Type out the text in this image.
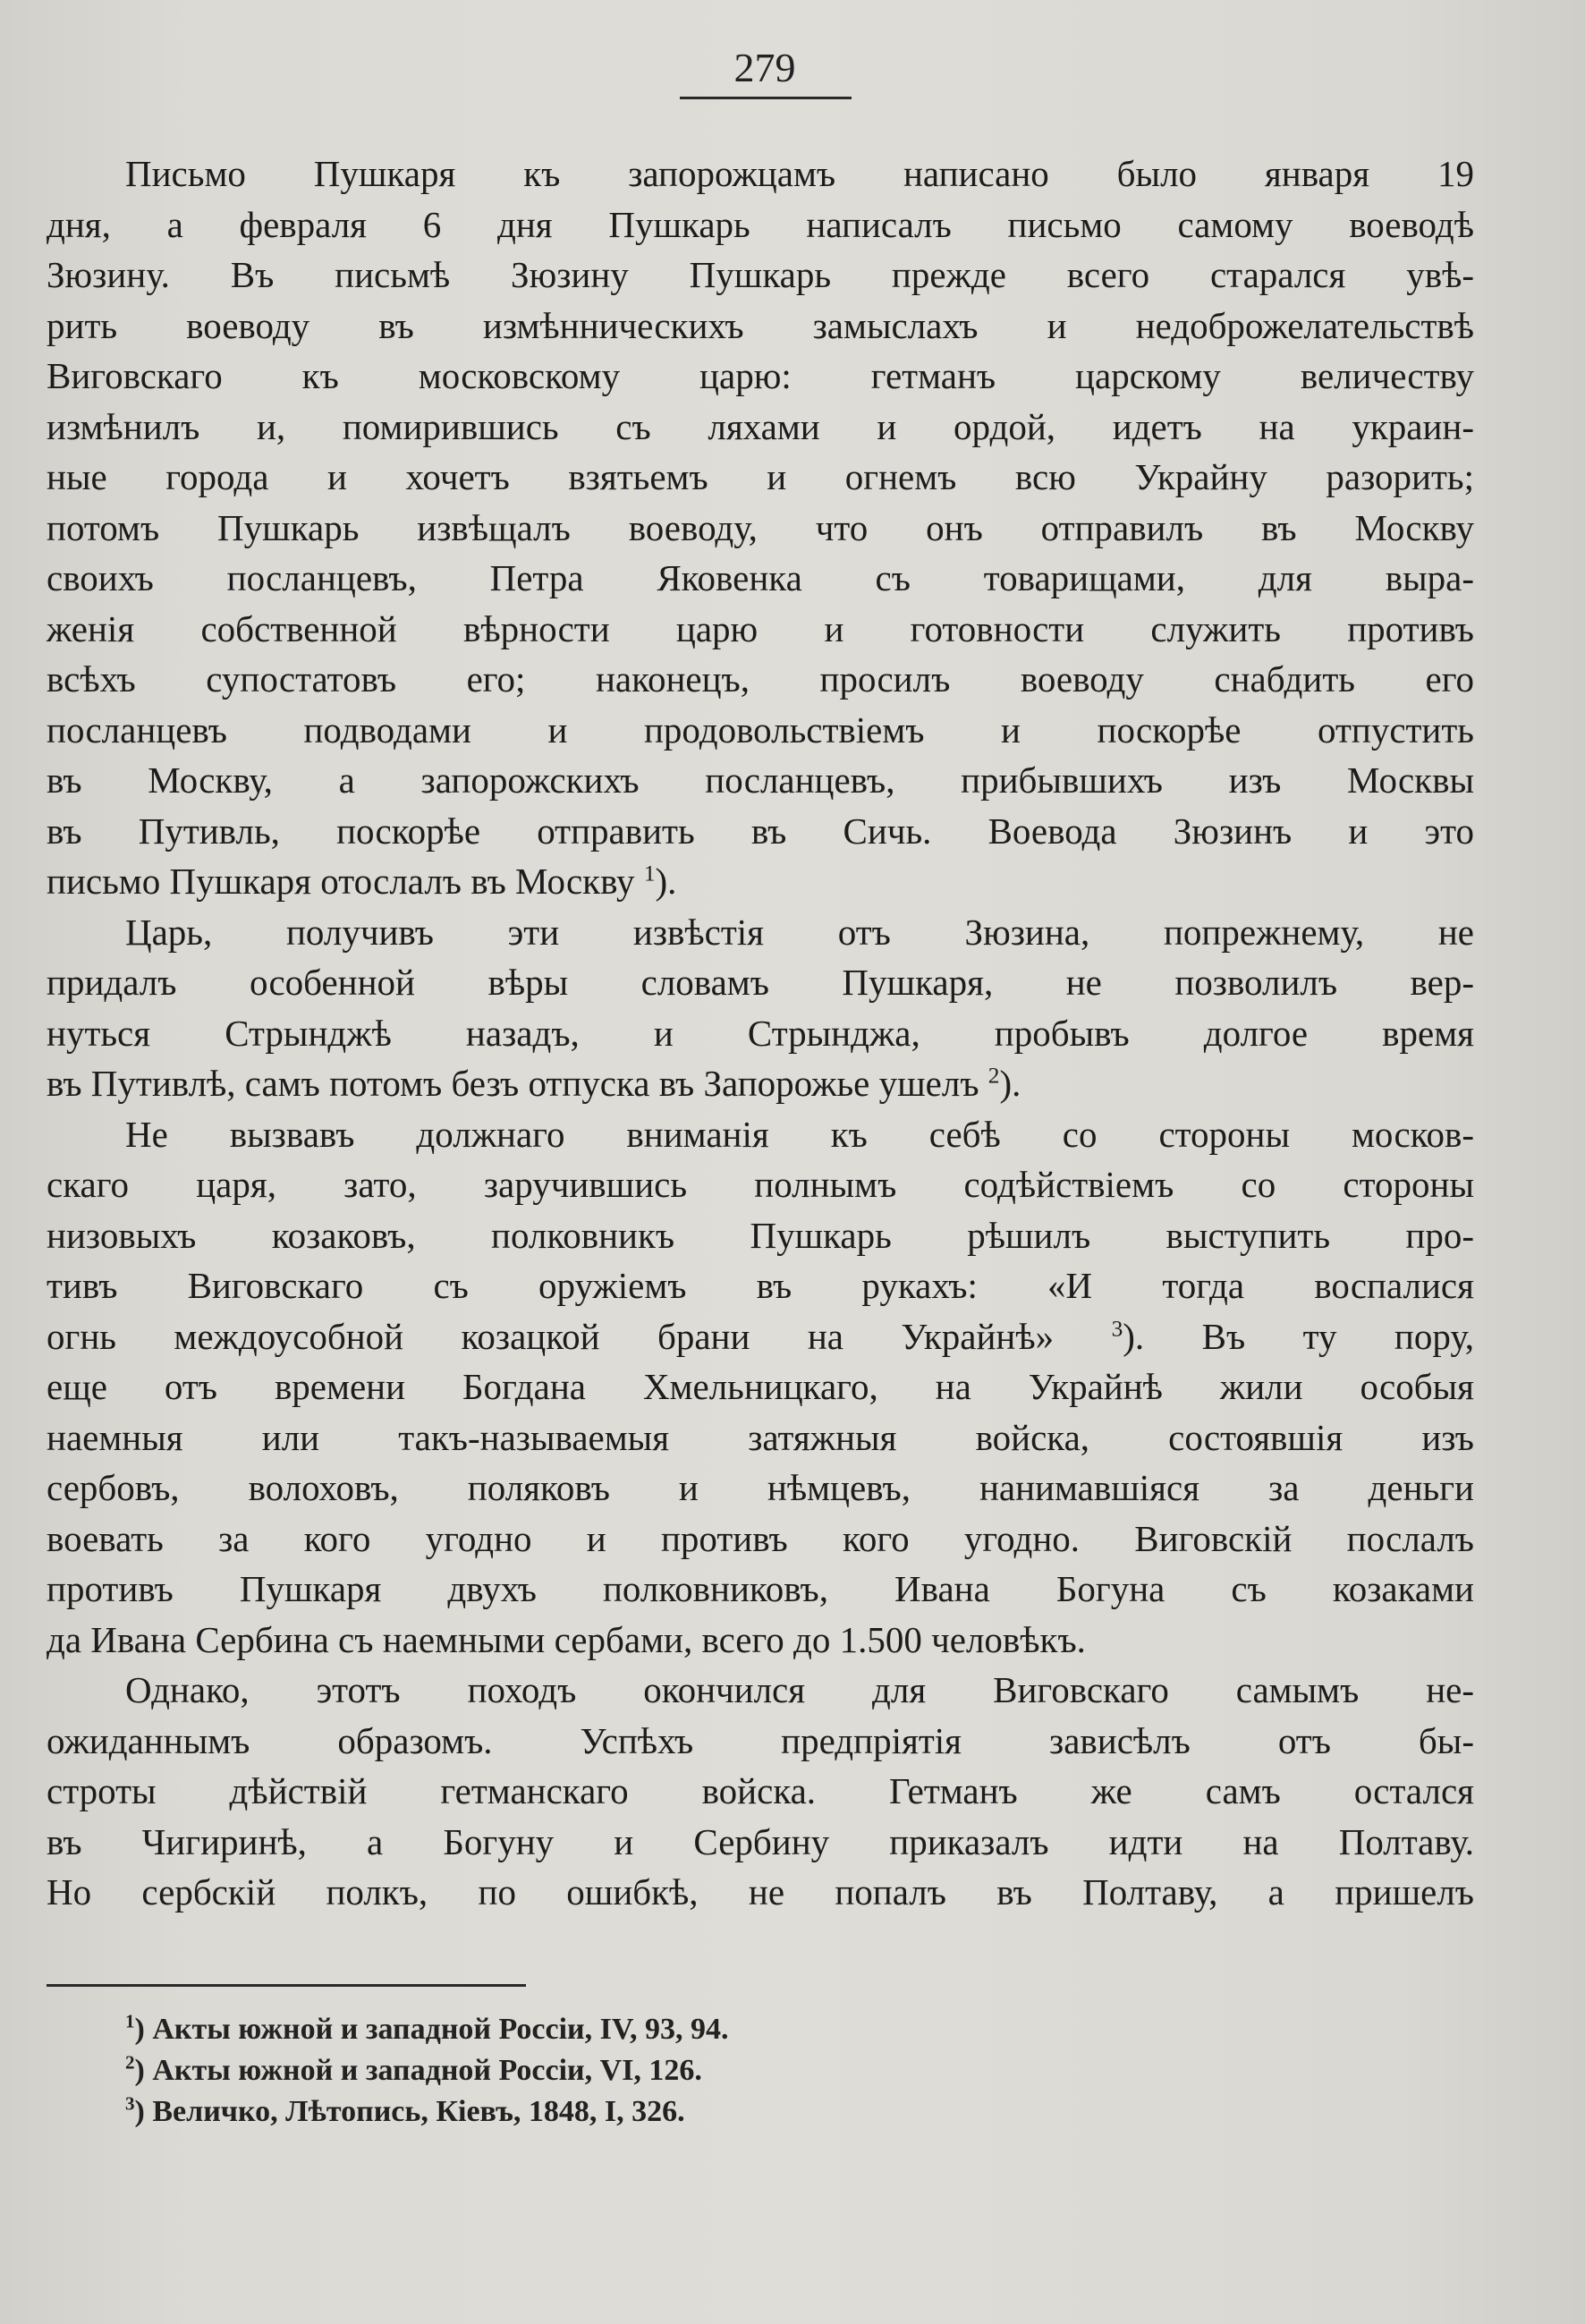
279
Письмо Пушкаря къ запорожцамъ написано было января 19
дня, а февраля 6 дня Пушкарь написалъ письмо самому воеводѣ
Зюзину. Въ письмѣ Зюзину Пушкарь прежде всего старался увѣ-
рить воеводу въ измѣнническихъ замыслахъ и недоброжелательствѣ
Виговскаго къ московскому царю: гетманъ царскому величеству
измѣнилъ и, помирившись съ ляхами и ордой, идетъ на украин-
ные города и хочетъ взятьемъ и огнемъ всю Украйну разорить;
потомъ Пушкарь извѣщалъ воеводу, что онъ отправилъ въ Москву
своихъ посланцевъ, Петра Яковенка съ товарищами, для выра-
женія собственной вѣрности царю и готовности служить противъ
всѣхъ супостатовъ его; наконецъ, просилъ воеводу снабдить его
посланцевъ подводами и продовольствіемъ и поскорѣе отпустить
въ Москву, а запорожскихъ посланцевъ, прибывшихъ изъ Москвы
въ Путивль, поскорѣе отправить въ Сичь. Воевода Зюзинъ и это
письмо Пушкаря отослалъ въ Москву $^1$).
Царь, получивъ эти извѣстія отъ Зюзина, попрежнему, не
придалъ особенной вѣры словамъ Пушкаря, не позволилъ вер-
нуться Стрынджѣ назадъ, и Стрынджа, пробывъ долгое время
въ Путивлѣ, самъ потомъ безъ отпуска въ Запорожье ушелъ $^2$).
Не вызвавъ должнаго вниманія къ себѣ со стороны москов-
скаго царя, зато, заручившись полнымъ содѣйствіемъ со стороны
низовыхъ козаковъ, полковникъ Пушкарь рѣшилъ выступить про-
тивъ Виговскаго съ оружіемъ въ рукахъ: «И тогда воспалися
огнь междоусобной козацкой брани на Украйнѣ» $^3$). Въ ту пору,
еще отъ времени Богдана Хмельницкаго, на Украйнѣ жили особыя
наемныя или такъ-называемыя затяжныя войска, состоявшія изъ
сербовъ, волоховъ, поляковъ и нѣмцевъ, нанимавшіяся за деньги
воевать за кого угодно и противъ кого угодно. Виговскій послалъ
противъ Пушкаря двухъ полковниковъ, Ивана Богуна съ козаками
да Ивана Сербина съ наемными сербами, всего до 1.500 человѣкъ.
Однако, этотъ походъ окончился для Виговскаго самымъ не-
ожиданнымъ образомъ. Успѣхъ предпріятія зависѣлъ отъ бы-
строты дѣйствій гетманскаго войска. Гетманъ же самъ остался
въ Чигиринѣ, а Богуну и Сербину приказалъ идти на Полтаву.
Но сербскій полкъ, по ошибкѣ, не попалъ въ Полтаву, а пришелъ
$^1$) Акты южной и западной Россіи, IV, 93, 94.
$^2$) Акты южной и западной Россіи, VI, 126.
$^3$) Величко, Лѣтопись, Кіевъ, 1848, I, 326.
